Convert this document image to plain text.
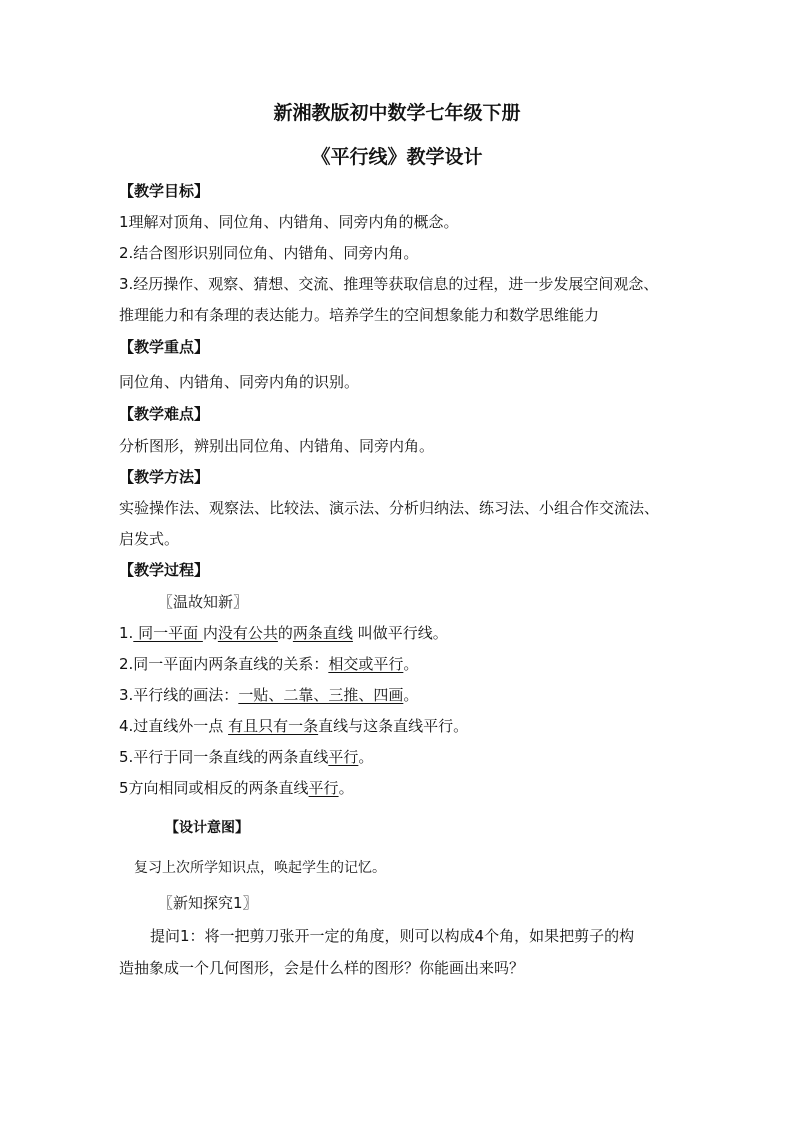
新湘教版初中数学七年级下册
《平行线》教学设计
【教学目标】
1理解对顶角、同位角、内错角、同旁内角的概念。
2.结合图形识别同位角、内错角、同旁内角。
3.经历操作、观察、猜想、交流、推理等获取信息的过程，进一步发展空间观念、
推理能力和有条理的表达能力。培养学生的空间想象能力和数学思维能力
【教学重点】
同位角、内错角、同旁内角的识别。
【教学难点】
分析图形，辨别出同位角、内错角、同旁内角。
【教学方法】
实验操作法、观察法、比较法、演示法、分析归纳法、练习法、小组合作交流法、
启发式。
【教学过程】
〖温故知新〗
1. 同一平面 内没有公共的两条直线 叫做平行线。
2.同一平面内两条直线的关系：相交或平行。
3.平行线的画法：一贴、二靠、三推、四画。
4.过直线外一点 有且只有一条直线与这条直线平行。
5.平行于同一条直线的两条直线平行。
5方向相同或相反的两条直线平行。
【设计意图】
复习上次所学知识点，唤起学生的记忆。
〖新知探究1〗
提问1：将一把剪刀张开一定的角度，则可以构成4个角，如果把剪子的构
造抽象成一个几何图形，会是什么样的图形？你能画出来吗？
